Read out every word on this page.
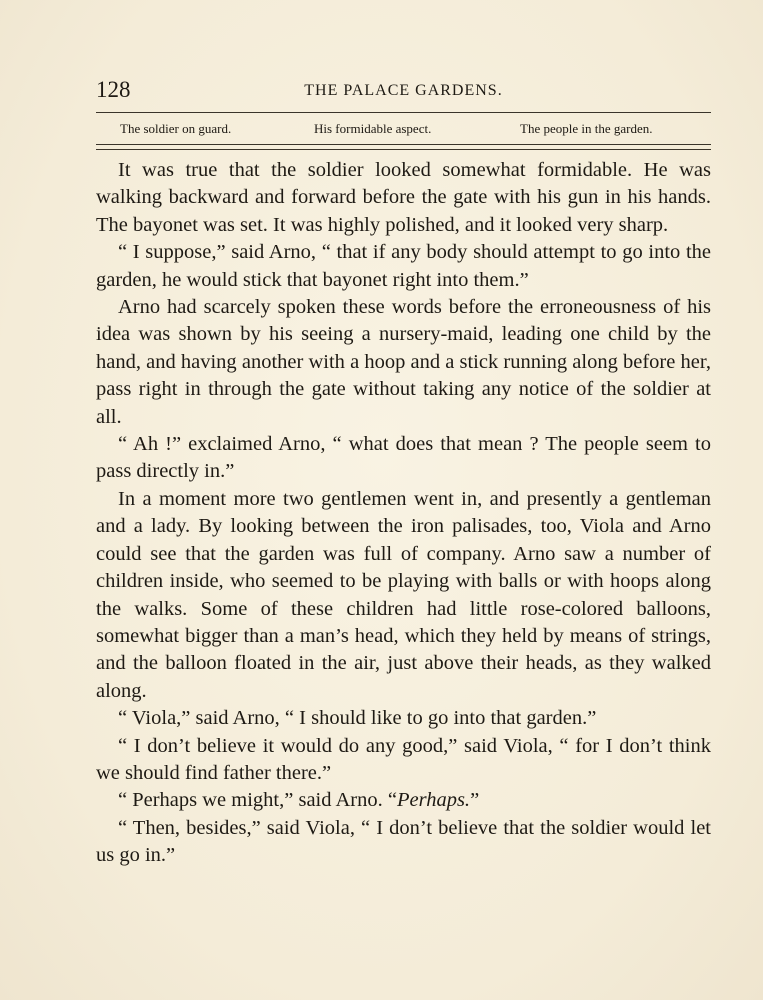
128	THE PALACE GARDENS.
The soldier on guard.	His formidable aspect.	The people in the garden.

It was true that the soldier looked somewhat formidable. He was walking backward and forward before the gate with his gun in his hands. The bayonet was set. It was highly polished, and it looked very sharp.

“ I suppose,” said Arno, “ that if any body should attempt to go into the garden, he would stick that bayonet right into them.”

Arno had scarcely spoken these words before the erroneousness of his idea was shown by his seeing a nursery-maid, leading one child by the hand, and having another with a hoop and a stick running along before her, pass right in through the gate without taking any notice of the soldier at all.

“ Ah !” exclaimed Arno, “ what does that mean ? The people seem to pass directly in.”

In a moment more two gentlemen went in, and presently a gentleman and a lady. By looking between the iron palisades, too, Viola and Arno could see that the garden was full of company. Arno saw a number of children inside, who seemed to be playing with balls or with hoops along the walks. Some of these children had little rose-colored balloons, somewhat bigger than a man’s head, which they held by means of strings, and the balloon floated in the air, just above their heads, as they walked along.

“ Viola,” said Arno, “ I should like to go into that garden.”

“ I don’t believe it would do any good,” said Viola, “ for I don’t think we should find father there.”

“ Perhaps we might,” said Arno. “Perhaps.”

“ Then, besides,” said Viola, “ I don’t believe that the soldier would let us go in.”
